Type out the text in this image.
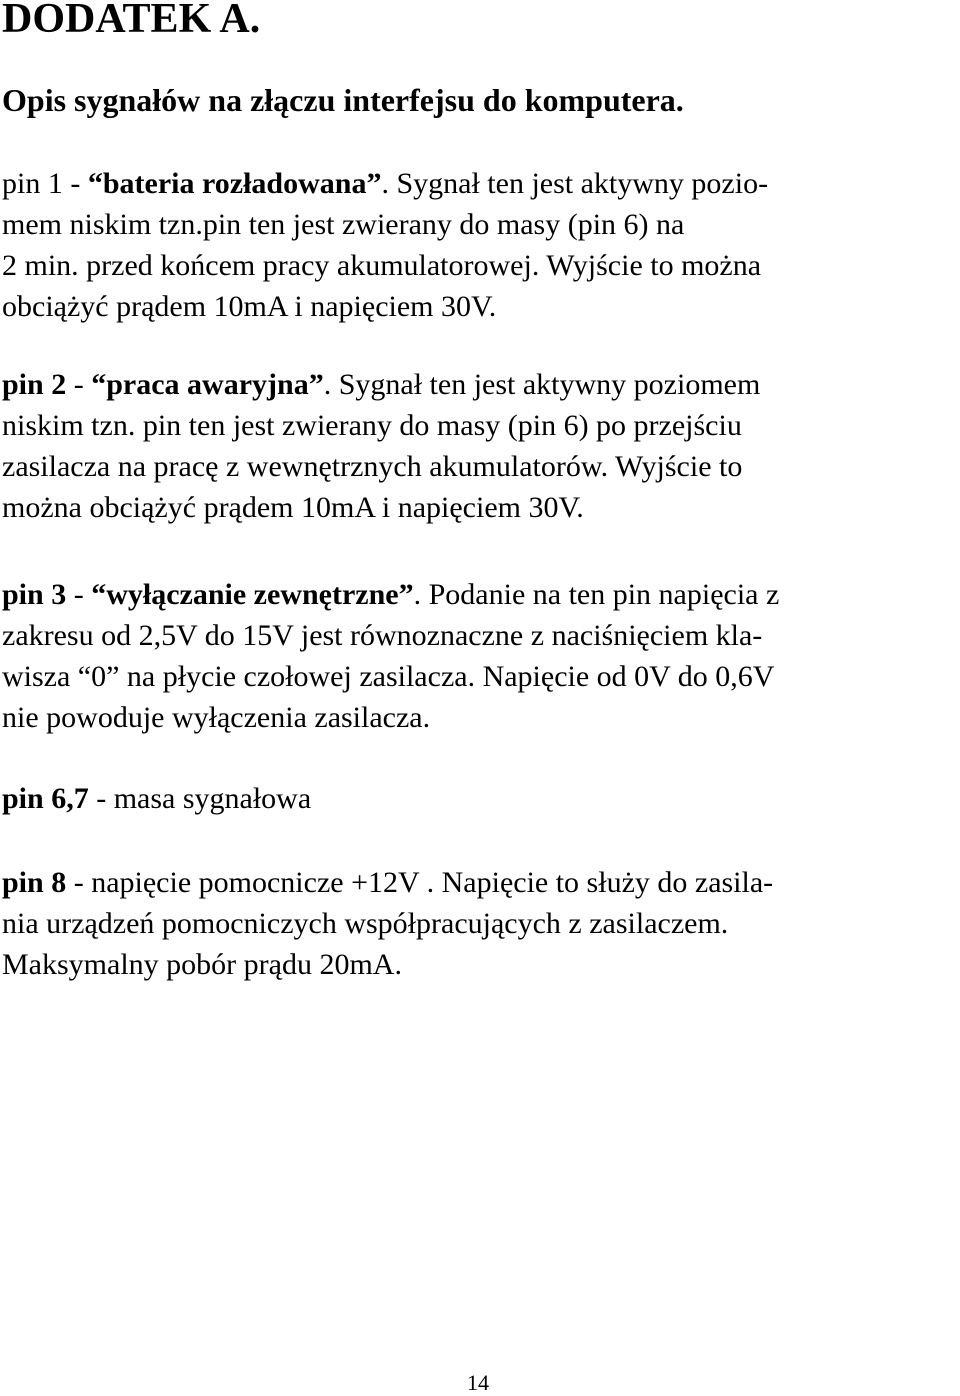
DODATEK A.
Opis sygnałów na złączu interfejsu do komputera.
pin 1 - “bateria rozładowana”. Sygnał ten jest aktywny pozio-
mem niskim tzn.pin ten jest zwierany do masy (pin 6) na
2 min. przed końcem pracy akumulatorowej. Wyjście to można
obciążyć prądem 10mA i napięciem 30V.
pin 2 - “praca awaryjna”. Sygnał ten jest aktywny poziomem
niskim tzn. pin ten jest zwierany do masy (pin 6) po przejściu
zasilacza na pracę z wewnętrznych akumulatorów. Wyjście to
można obciążyć prądem 10mA i napięciem 30V.
pin 3 - “wyłączanie zewnętrzne”. Podanie na ten pin napięcia z
zakresu od 2,5V do 15V jest równoznaczne z naciśnięciem kla-
wisza “0” na płycie czołowej zasilacza. Napięcie od 0V do 0,6V
nie powoduje wyłączenia zasilacza.
pin 6,7 - masa sygnałowa
pin 8 - napięcie pomocnicze +12V . Napięcie to służy do zasila-
nia urządzeń pomocniczych współpracujących z zasilaczem.
Maksymalny pobór prądu 20mA.
14
